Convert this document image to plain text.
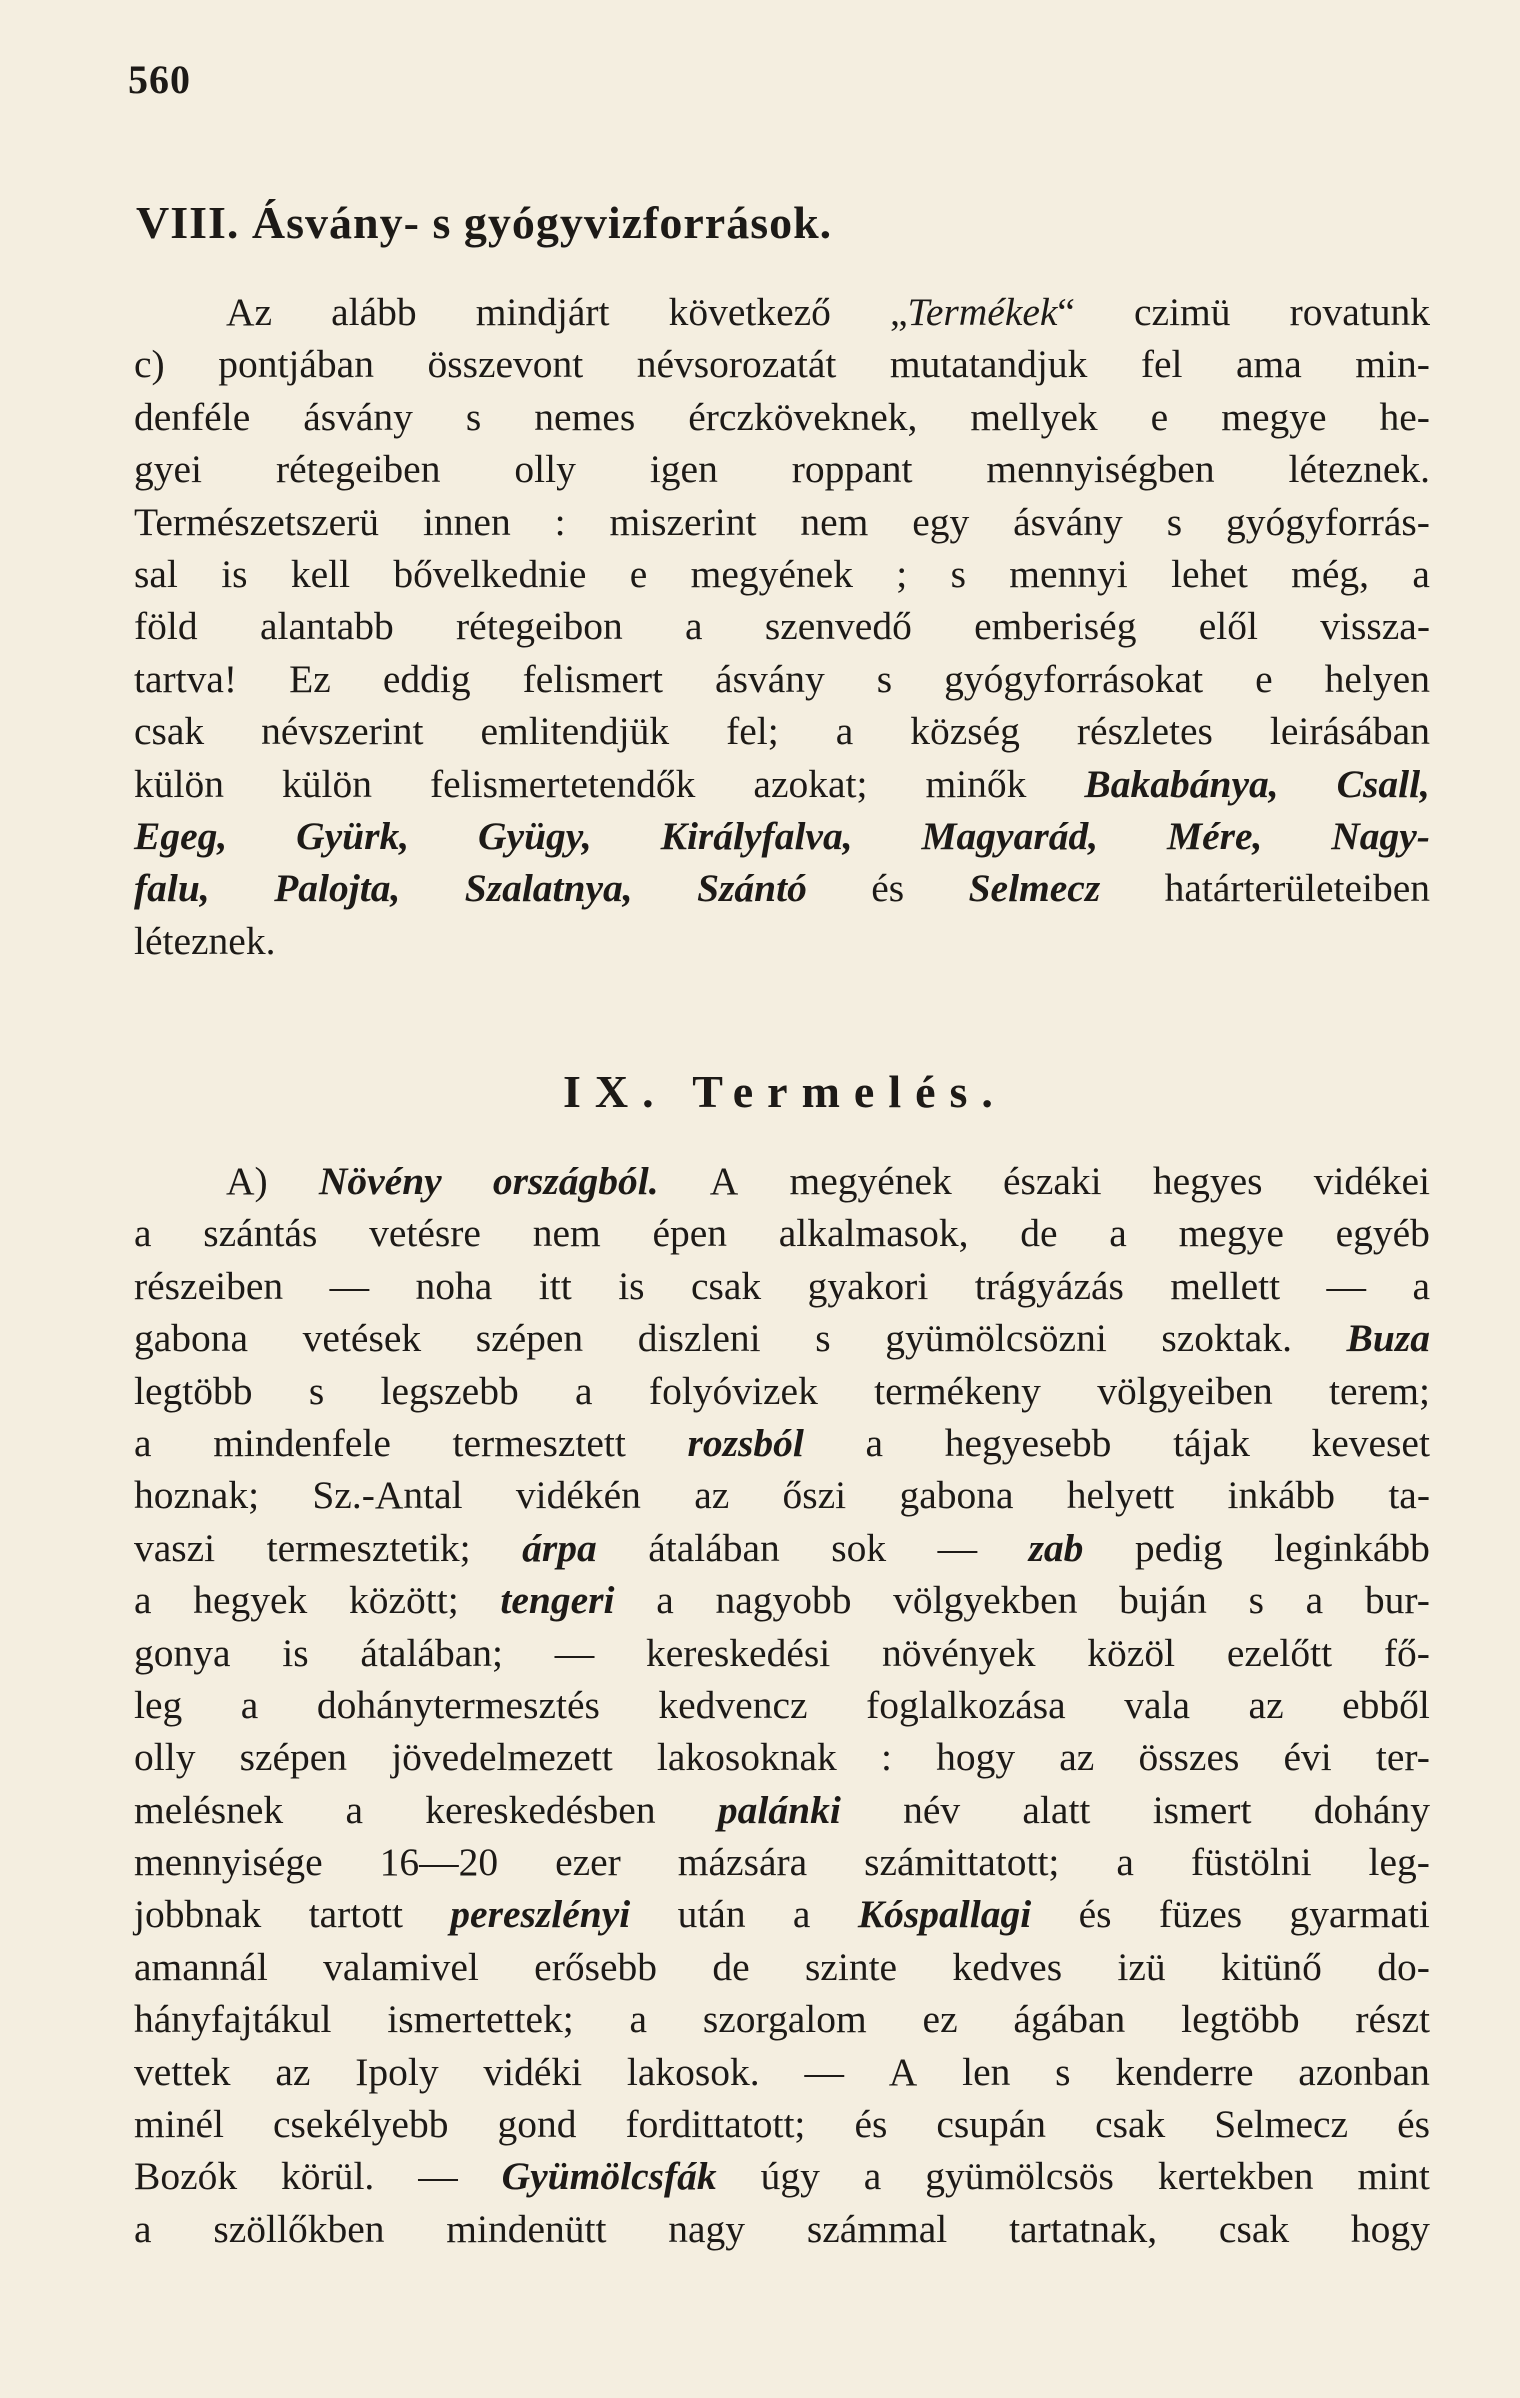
560
VIII. Ásvány- s gyógyvizforrások.
Az alább mindjárt következő „Termékek“ czimü rovatunk
c) pontjában összevont névsorozatát mutatandjuk fel ama min-
denféle ásvány s nemes érczköveknek, mellyek e megye he-
gyei rétegeiben olly igen roppant mennyiségben léteznek.
Természetszerü innen : miszerint nem egy ásvány s gyógyforrás-
sal is kell bővelkednie e megyének ; s mennyi lehet még, a
föld alantabb rétegeibon a szenvedő emberiség elől vissza-
tartva! Ez eddig felismert ásvány s gyógyforrásokat e helyen
csak névszerint emlitendjük fel; a község részletes leirásában
külön külön felismertetendők azokat; minők Bakabánya, Csall,
Egeg, Gyürk, Gyügy, Királyfalva, Magyarád, Mére, Nagy-
falu, Palojta, Szalatnya, Szántó és Selmecz határterületeiben
léteznek.
IX. Termelés.
A) Növény országból. A megyének északi hegyes vidékei
a szántás vetésre nem épen alkalmasok, de a megye egyéb
részeiben — noha itt is csak gyakori trágyázás mellett — a
gabona vetések szépen diszleni s gyümölcsözni szoktak. Buza
legtöbb s legszebb a folyóvizek termékeny völgyeiben terem;
a mindenfele termesztett rozsból a hegyesebb tájak keveset
hoznak; Sz.-Antal vidékén az őszi gabona helyett inkább ta-
vaszi termesztetik; árpa átalában sok — zab pedig leginkább
a hegyek között; tengeri a nagyobb völgyekben buján s a bur-
gonya is átalában; — kereskedési növények közöl ezelőtt fő-
leg a dohánytermesztés kedvencz foglalkozása vala az ebből
olly szépen jövedelmezett lakosoknak : hogy az összes évi ter-
melésnek a kereskedésben palánki név alatt ismert dohány
mennyisége 16—20 ezer mázsára számittatott; a füstölni leg-
jobbnak tartott pereszlényi után a Kóspallagi és füzes gyarmati
amannál valamivel erősebb de szinte kedves izü kitünő do-
hányfajtákul ismertettek; a szorgalom ez ágában legtöbb részt
vettek az Ipoly vidéki lakosok. — A len s kenderre azonban
minél csekélyebb gond fordittatott; és csupán csak Selmecz és
Bozók körül. — Gyümölcsfák úgy a gyümölcsös kertekben mint
a szöllőkben mindenütt nagy számmal tartatnak, csak hogy
